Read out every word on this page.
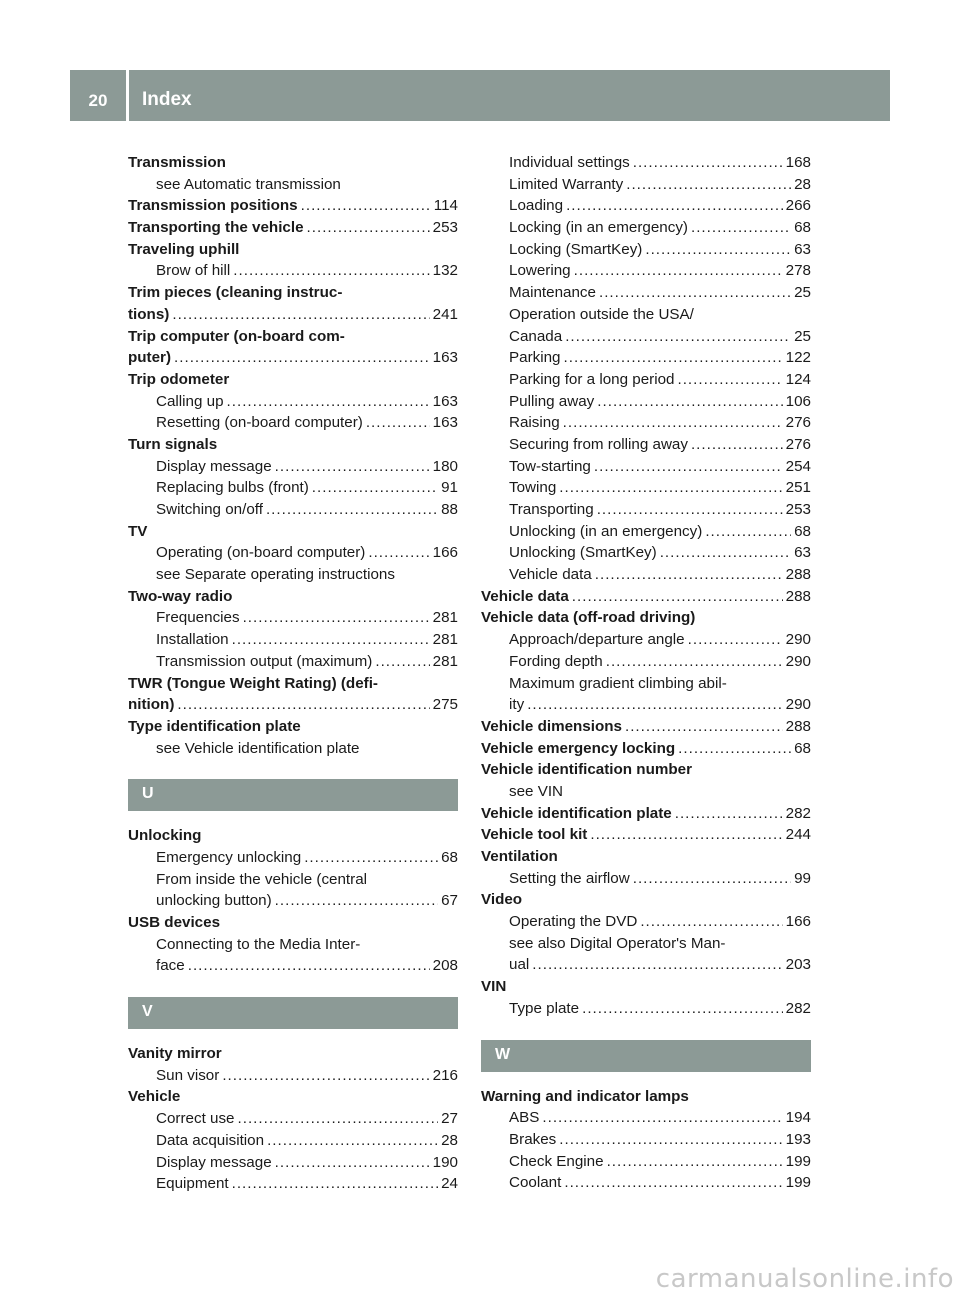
20	Index
Transmission
see Automatic transmission
Transmission positions .....	114
Transporting the vehicle .....	253
Traveling uphill
Brow of hill .....	132
Trim pieces (cleaning instruc-
tions) .....	241
Trip computer (on-board com-
puter) .....	163
Trip odometer
Calling up .....	163
Resetting (on-board computer) .....	163
Turn signals
Display message .....	180
Replacing bulbs (front) .....	91
Switching on/off .....	88
TV
Operating (on-board computer) .....	166
see Separate operating instructions
Two-way radio
Frequencies .....	281
Installation .....	281
Transmission output (maximum) .....	281
TWR (Tongue Weight Rating) (defi-
nition) .....	275
Type identification plate
see Vehicle identification plate
U
Unlocking
Emergency unlocking .....	68
From inside the vehicle (central
unlocking button) .....	67
USB devices
Connecting to the Media Inter-
face .....	208
V
Vanity mirror
Sun visor .....	216
Vehicle
Correct use .....	27
Data acquisition .....	28
Display message .....	190
Equipment .....	24
Individual settings .....	168
Limited Warranty .....	28
Loading .....	266
Locking (in an emergency) .....	68
Locking (SmartKey) .....	63
Lowering .....	278
Maintenance .....	25
Operation outside the USA/
Canada .....	25
Parking .....	122
Parking for a long period .....	124
Pulling away .....	106
Raising .....	276
Securing from rolling away .....	276
Tow-starting .....	254
Towing .....	251
Transporting .....	253
Unlocking (in an emergency) .....	68
Unlocking (SmartKey) .....	63
Vehicle data .....	288
Vehicle data .....	288
Vehicle data (off-road driving)
Approach/departure angle .....	290
Fording depth .....	290
Maximum gradient climbing abil-
ity .....	290
Vehicle dimensions .....	288
Vehicle emergency locking .....	68
Vehicle identification number
see VIN
Vehicle identification plate .....	282
Vehicle tool kit .....	244
Ventilation
Setting the airflow .....	99
Video
Operating the DVD .....	166
see also Digital Operator's Man-
ual .....	203
VIN
Type plate .....	282
W
Warning and indicator lamps
ABS .....	194
Brakes .....	193
Check Engine .....	199
Coolant .....	199
carmanualsonline.info
